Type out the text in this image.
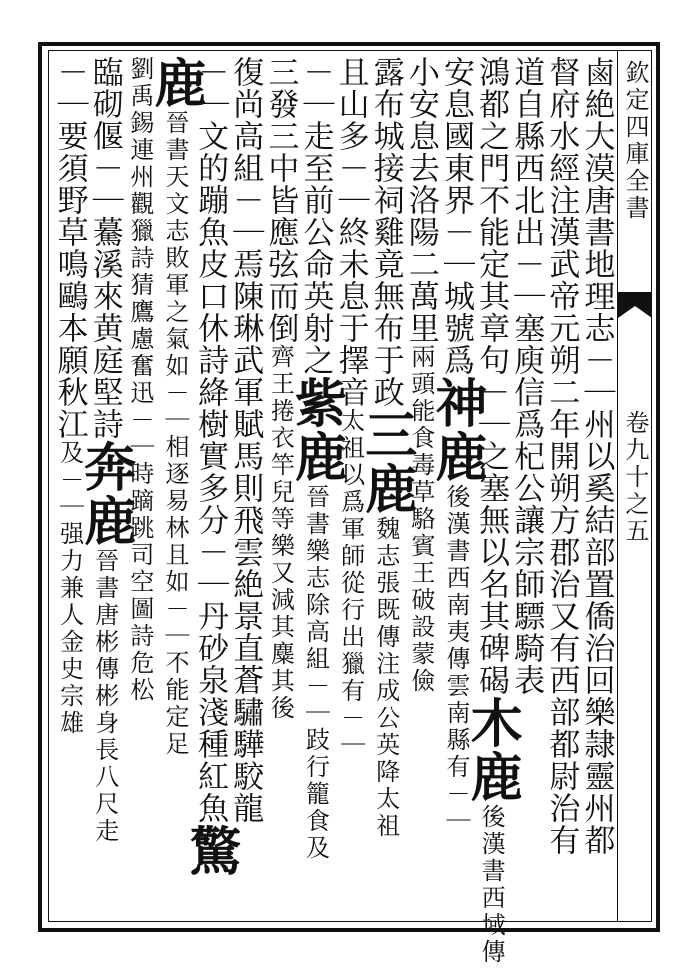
欽定四庫全書
卷九十之五
鹵絶大漠唐書地理志－｜州以奚結部置僑治回樂隷靈州都
督府水經注漢武帝元朔二年開朔方郡治又有西部都尉治有
道自縣西北出－｜塞庾信爲杞公讓宗師驃騎表
鴻都之門不能定其章句－｜之塞無以名其碑碣木鹿後漢書西域傳
安息國東界－｜城號爲神鹿後漢書西南夷傳雲南縣有－｜
小安息去洛陽二萬里兩頭能食毒草駱賓王破設蒙儉
露布城接祠雞竟無布于政三鹿魏志張既傳注成公英降太祖
且山多－｜終未息于擇音太祖以爲軍師從行出獵有－｜
－｜走至前公命英射之紫鹿晉書樂志除高組－｜跂行籠食及
三發三中皆應弦而倒齊王捲衣竿兒等樂又減其麋其後
復尚高組－｜焉陳琳武軍賦馬則飛雲絶景直蒼驌驊駮龍
－｜文的蹦魚皮口休詩絳樹實多分－｜丹砂泉淺種紅魚驚
鹿晉書天文志敗軍之氣如－｜相逐易林且如－｜不能定足
劉禹錫連州觀獵詩猜鷹慮奮迅－｜時蹢跳司空圖詩危松
臨砌偃－｜驀溪來黄庭堅詩奔鹿晉書唐彬傳彬身長八尺走
－｜要須野草鳴鷗本願秋江及－｜强力兼人金史宗雄
